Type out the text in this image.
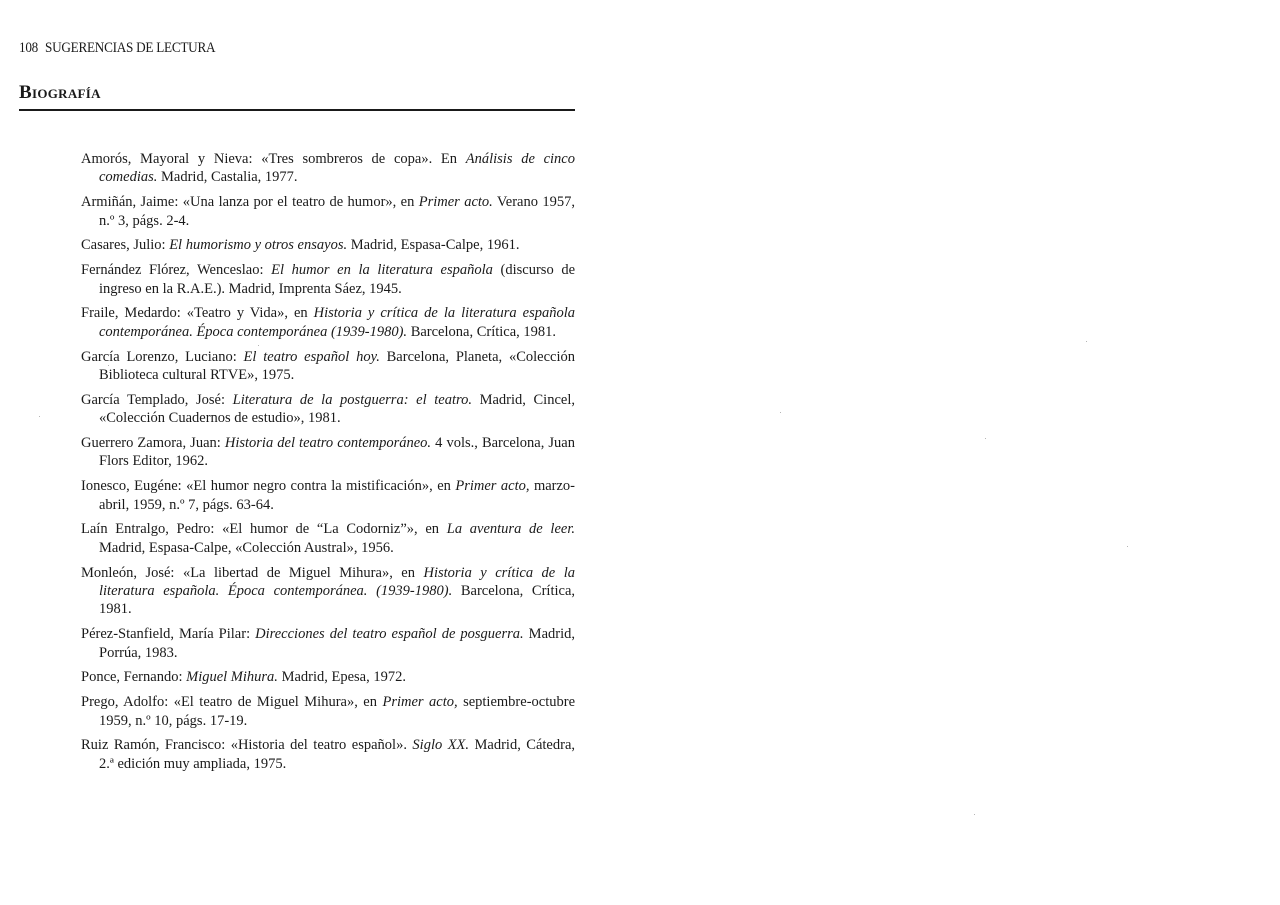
108 SUGERENCIAS DE LECTURA
Biografía
Amorós, Mayoral y Nieva: «Tres sombreros de copa». En Análisis de cinco comedias. Madrid, Castalia, 1977.
Armiñán, Jaime: «Una lanza por el teatro de humor», en Primer acto. Verano 1957, n.º 3, págs. 2-4.
Casares, Julio: El humorismo y otros ensayos. Madrid, Espasa-Calpe, 1961.
Fernández Flórez, Wenceslao: El humor en la literatura española (discurso de ingreso en la R.A.E.). Madrid, Imprenta Sáez, 1945.
Fraile, Medardo: «Teatro y Vida», en Historia y crítica de la literatura española contemporánea. Época contemporánea (1939-1980). Barcelona, Crítica, 1981.
García Lorenzo, Luciano: El teatro español hoy. Barcelona, Planeta, «Colección Biblioteca cultural RTVE», 1975.
García Templado, José: Literatura de la postguerra: el teatro. Madrid, Cincel, «Colección Cuadernos de estudio», 1981.
Guerrero Zamora, Juan: Historia del teatro contemporáneo. 4 vols., Barcelona, Juan Flors Editor, 1962.
Ionesco, Eugéne: «El humor negro contra la mistificación», en Primer acto, marzo-abril, 1959, n.º 7, págs. 63-64.
Laín Entralgo, Pedro: «El humor de “La Codorniz”», en La aventura de leer. Madrid, Espasa-Calpe, «Colección Austral», 1956.
Monleón, José: «La libertad de Miguel Mihura», en Historia y crítica de la literatura española. Época contemporánea. (1939-1980). Barcelona, Crítica, 1981.
Pérez-Stanfield, María Pilar: Direcciones del teatro español de posguerra. Madrid, Porrúa, 1983.
Ponce, Fernando: Miguel Mihura. Madrid, Epesa, 1972.
Prego, Adolfo: «El teatro de Miguel Mihura», en Primer acto, septiembre-octubre 1959, n.º 10, págs. 17-19.
Ruiz Ramón, Francisco: «Historia del teatro español». Siglo XX. Madrid, Cátedra, 2.ª edición muy ampliada, 1975.
